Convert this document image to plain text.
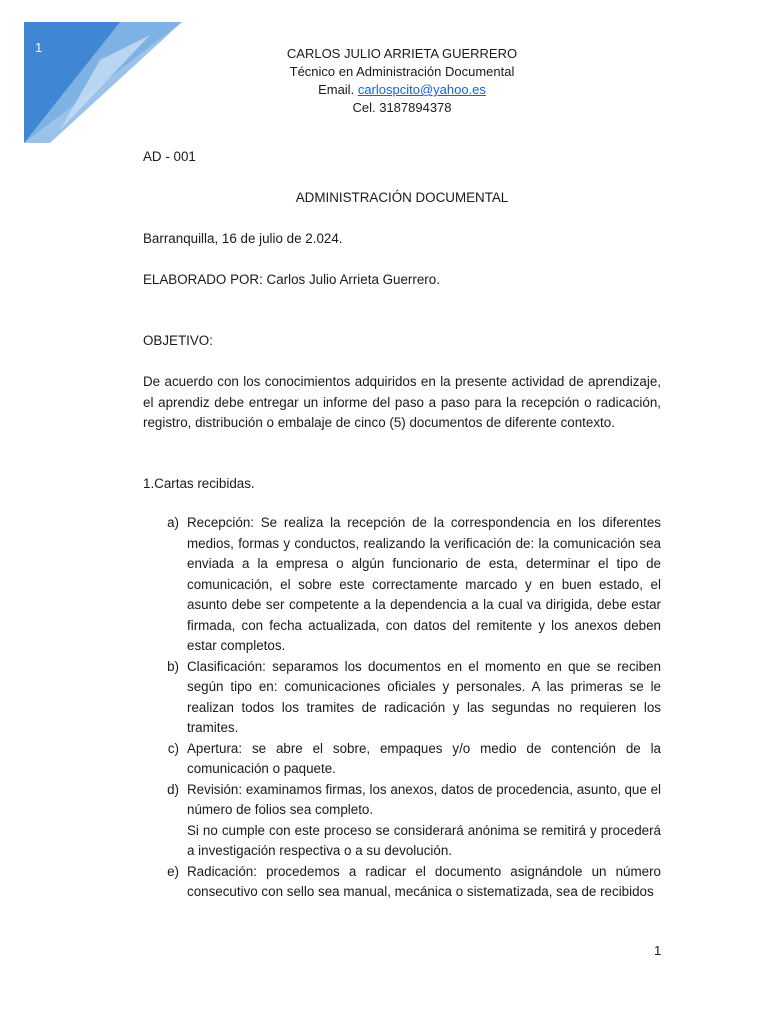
1	CARLOS JULIO ARRIETA GUERRERO
Técnico en Administración Documental
Email. carlospcito@yahoo.es
Cel. 3187894378
AD - 001
ADMINISTRACIÓN DOCUMENTAL
Barranquilla, 16 de julio de 2.024.
ELABORADO POR: Carlos Julio Arrieta Guerrero.
OBJETIVO:
De acuerdo con los conocimientos adquiridos en la presente actividad de aprendizaje, el aprendiz debe entregar un informe del paso a paso para la recepción o radicación, registro, distribución o embalaje de cinco (5) documentos de diferente contexto.
1.Cartas recibidas.
a) Recepción: Se realiza la recepción de la correspondencia en los diferentes medios, formas y conductos, realizando la verificación de: la comunicación sea enviada a la empresa o algún funcionario de esta, determinar el tipo de comunicación, el sobre este correctamente marcado y en buen estado, el asunto debe ser competente a la dependencia a la cual va dirigida, debe estar firmada, con fecha actualizada, con datos del remitente y los anexos deben estar completos.
b) Clasificación: separamos los documentos en el momento en que se reciben según tipo en: comunicaciones oficiales y personales. A las primeras se le realizan todos los tramites de radicación y las segundas no requieren los tramites.
c) Apertura: se abre el sobre, empaques y/o medio de contención de la comunicación o paquete.
d) Revisión: examinamos firmas, los anexos, datos de procedencia, asunto, que el número de folios sea completo.
Si no cumple con este proceso se considerará anónima se remitirá y procederá a investigación respectiva o a su devolución.
e) Radicación: procedemos a radicar el documento asignándole un número consecutivo con sello sea manual, mecánica o sistematizada, sea de recibidos
1
